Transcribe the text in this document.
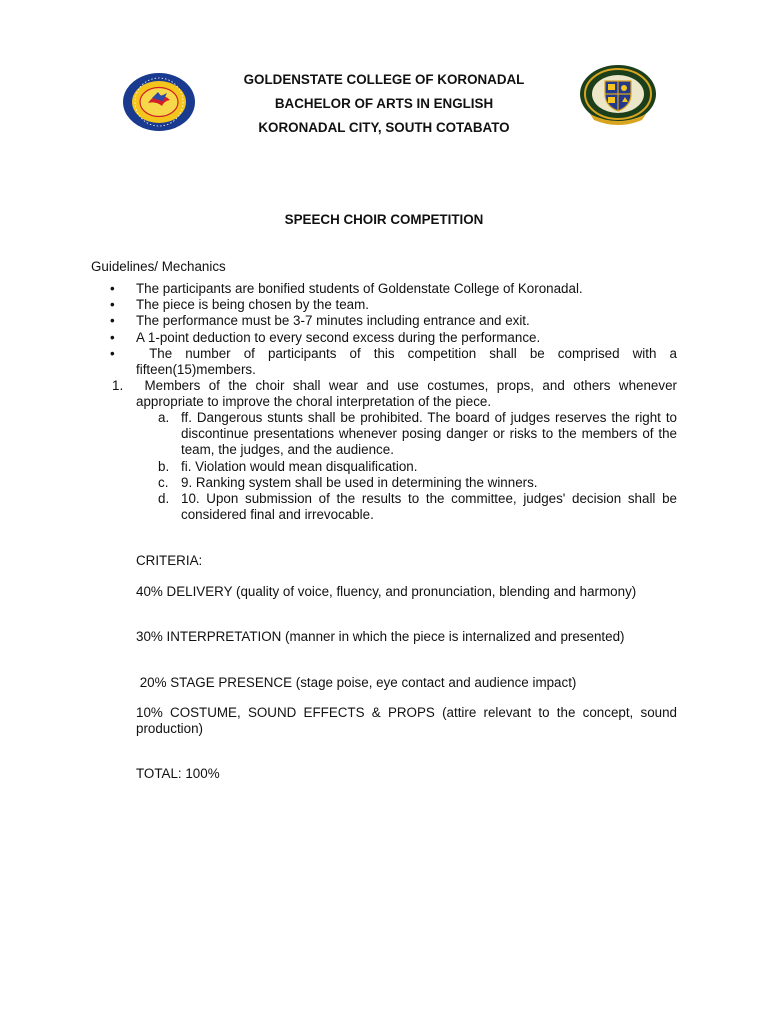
GOLDENSTATE COLLEGE OF KORONADAL
BACHELOR OF ARTS IN ENGLISH
KORONADAL CITY, SOUTH COTABATO
SPEECH CHOIR COMPETITION
Guidelines/ Mechanics
• The participants are bonified students of Goldenstate College of Koronadal.
• The piece is being chosen by the team.
• The performance must be 3-7 minutes including entrance and exit.
• A 1-point deduction to every second excess during the performance.
• The number of participants of this competition shall be comprised with a fifteen(15)members.
1. Members of the choir shall wear and use costumes, props, and others whenever appropriate to improve the choral interpretation of the piece.
a. ff. Dangerous stunts shall be prohibited. The board of judges reserves the right to discontinue presentations whenever posing danger or risks to the members of the team, the judges, and the audience.
b. fi. Violation would mean disqualification.
c. 9. Ranking system shall be used in determining the winners.
d. 10. Upon submission of the results to the committee, judges' decision shall be considered final and irrevocable.
CRITERIA:
40% DELIVERY (quality of voice, fluency, and pronunciation, blending and harmony)
30% INTERPRETATION (manner in which the piece is internalized and presented)
20% STAGE PRESENCE (stage poise, eye contact and audience impact)
10% COSTUME, SOUND EFFECTS & PROPS (attire relevant to the concept, sound production)
TOTAL: 100%
